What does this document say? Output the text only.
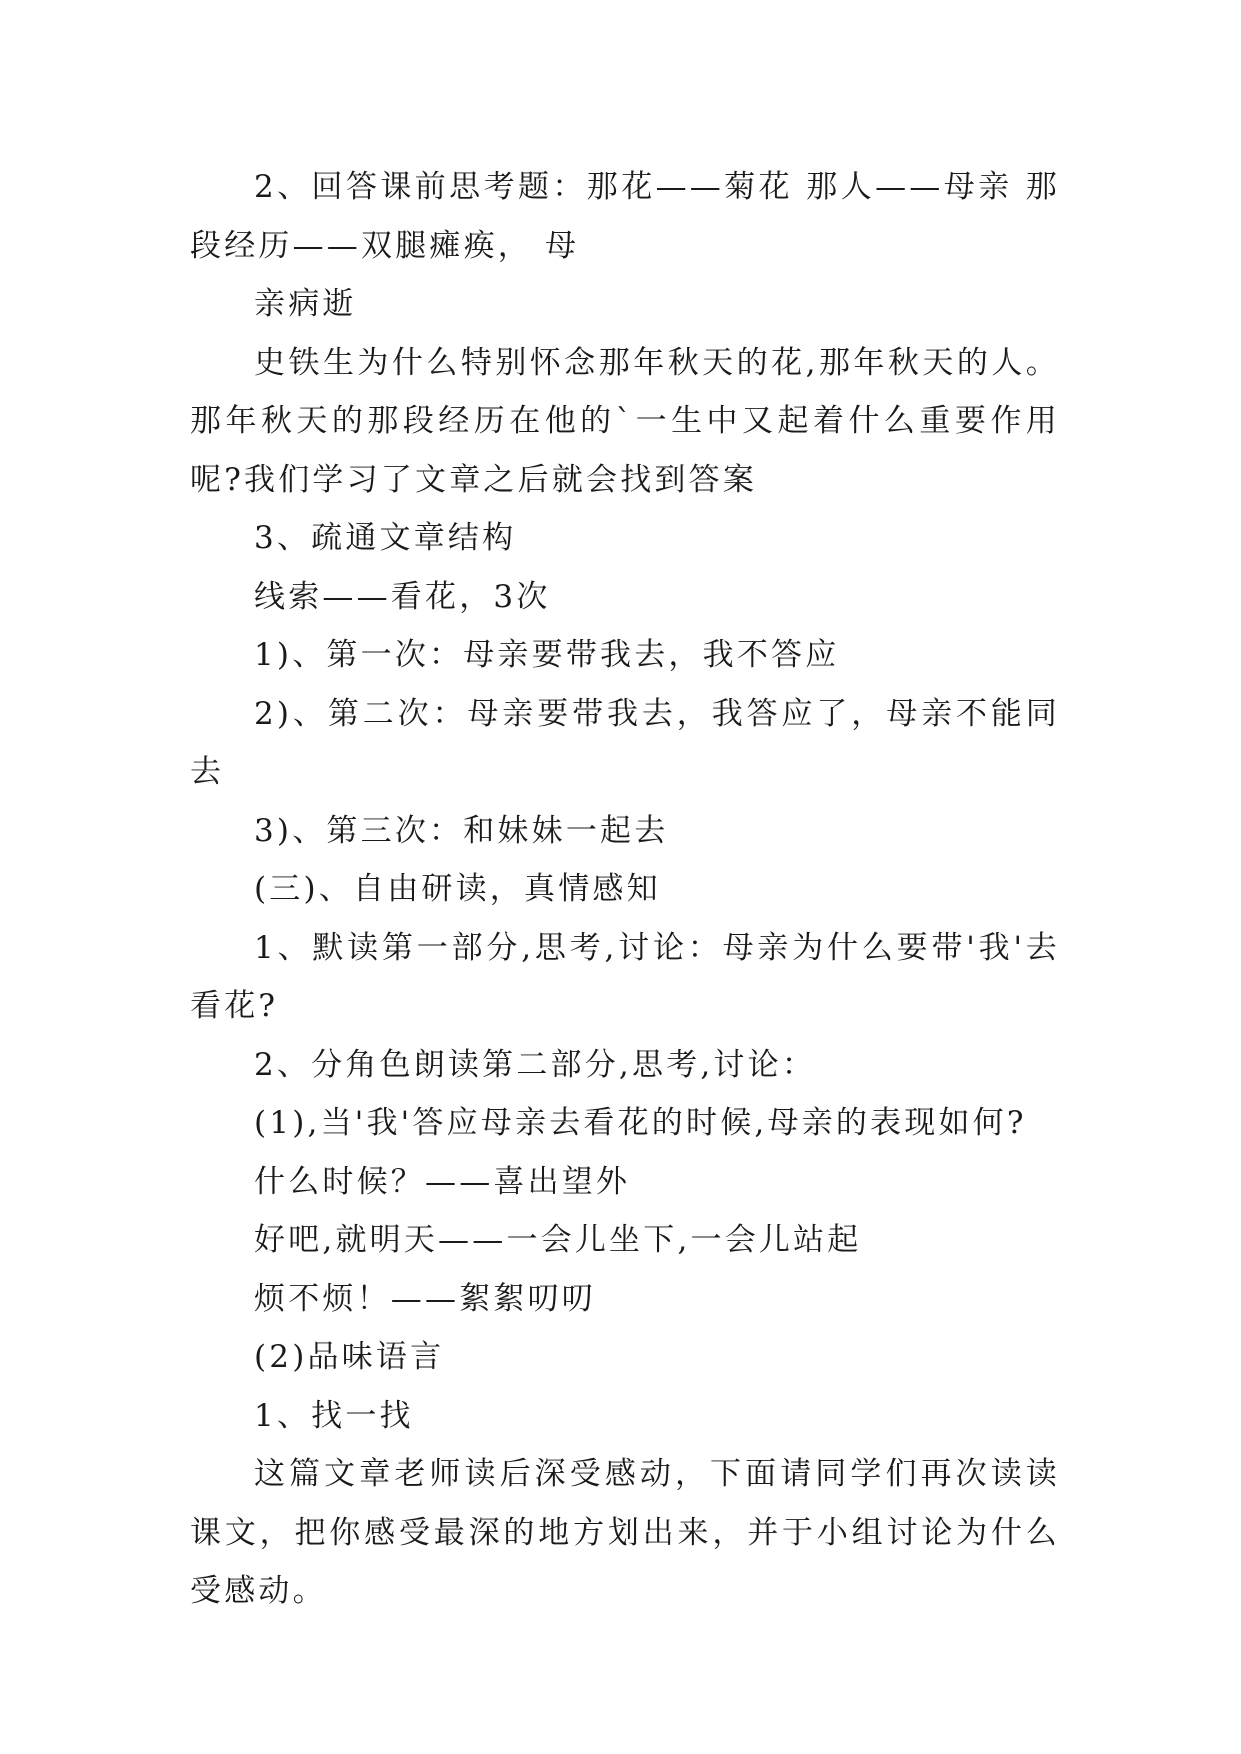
2、回答课前思考题：那花——菊花 那人——母亲 那段经历——双腿瘫痪， 母

亲病逝

史铁生为什么特别怀念那年秋天的花,那年秋天的人。那年秋天的那段经历在他的`一生中又起着什么重要作用呢?我们学习了文章之后就会找到答案

3、疏通文章结构

线索——看花，3次

1)、第一次：母亲要带我去，我不答应

2)、第二次：母亲要带我去，我答应了，母亲不能同去

3)、第三次：和妹妹一起去

(三)、自由研读，真情感知

1、默读第一部分,思考,讨论：母亲为什么要带'我'去看花?

2、分角色朗读第二部分,思考,讨论：

(1),当'我'答应母亲去看花的时候,母亲的表现如何?

什么时候？——喜出望外

好吧,就明天——一会儿坐下,一会儿站起

烦不烦！——絮絮叨叨

(2)品味语言

1、找一找

这篇文章老师读后深受感动，下面请同学们再次读读课文，把你感受最深的地方划出来，并于小组讨论为什么受感动。
